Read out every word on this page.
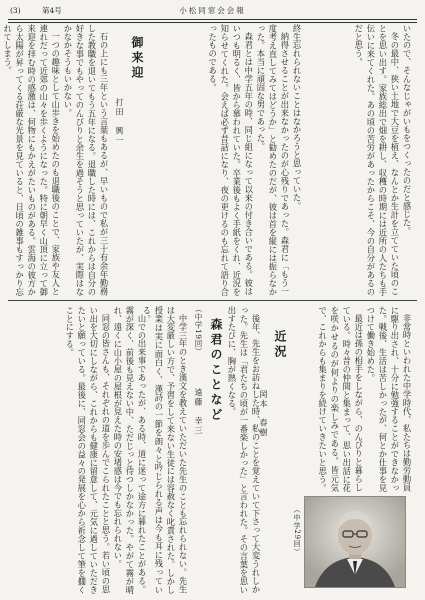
(3)	第4号	小松同窓会会報

いたので、そんなじゃがいもをつくったのだと感じた。

冬の最中、狭い土地で大豆を植え、なんとか生計を立てていた頃のことを思い出す。家族総出で畑を耕し、収穫の時期には近所の人たちも手伝いに来てくれた。あの頃の苦労があったからこそ、今の自分があるのだと思う。

終生忘れられないことはなかろうと思っていた。

納得させることが出来なかったのが心残りであった。森君に「もう一度考え直してみてはどうか」と勧めたのだが、彼は首を縦には振らなかった。本当に頑固な男であった。

森君とは中学五年の時、同じ組になって以来の付き合いである。彼はいつも明るく、皆から慕われていた。卒業後もよく手紙をくれ、近況を知らせてくれた。会えば必ず昔話になり、夜の更けるのも忘れて語り合ったものである。

御来迎
打田　興一

石の上にも三年という言葉もあるが、早いもので私が三十有余年勤務した教職を退いてもう五年になる。退職した時には、これからは自分の好きな事でもやってのんびりと余生を過そうと思っていたが、実際はなかなかそうもいかない。

一つの趣味として山歩きを始めたのも退職後のことで、家族や友人と連れだって近郊の山々を歩くようになった。特に朝早く山頂に立って御来迎を拝む時の感激は、何物にもかえがたいものがある。雲海の彼方から太陽が昇ってくる荘厳な光景を見ていると、日頃の雑事もすっかり忘れてしまう。

近況
岡本　春樹	非常時といわれた中学時代、私たちは勤労動員に駆り出され、十分に勉強することができなかった。戦後、生活は苦しかったが、何とか仕事を見つけて働き始めた。

最近は孫の相手をしながら、のんびりと暮らしている。時々昔の仲間と集まって、思い出話に花を咲かせるのが何よりの楽しみである。皆元気で、これからも集まりを続けていきたいと思う。

（中学29回）
森君のことなど
遠藤　幸三
（中学19回）

中学三年のとき漢文を教えていただいた先生のことも忘れられない。先生は大変厳しい方で、予習をして来ない生徒には容赦なく叱責された。しかし授業は実に面白く、漢詩の一節を朗々と吟じられる声は今も耳に残っている。	後年、先生をお訪ねした時、私のことを覚えていて下さって大変うれしかった。先生は「君たちの頃が一番楽しかった」と言われた。その言葉を思い出すたびに、胸が熱くなる。

山での出来事であったが、ある時、道に迷って途方に暮れたことがある。霧が深く、前後も見えない中、ただじっと待つしかなかった。やがて霧が晴れ、遠くに山小屋の屋根が見えた時の安堵感は今でも忘れられない。

同窓の皆さんも、それぞれの道を歩んでこられたことと思う。若い頃の思い出を大切にしながら、これからも健康に留意して、元気に過していただきたいと願っている。最後に、同窓会の益々の発展を心から祈念して筆を擱くことにする。
